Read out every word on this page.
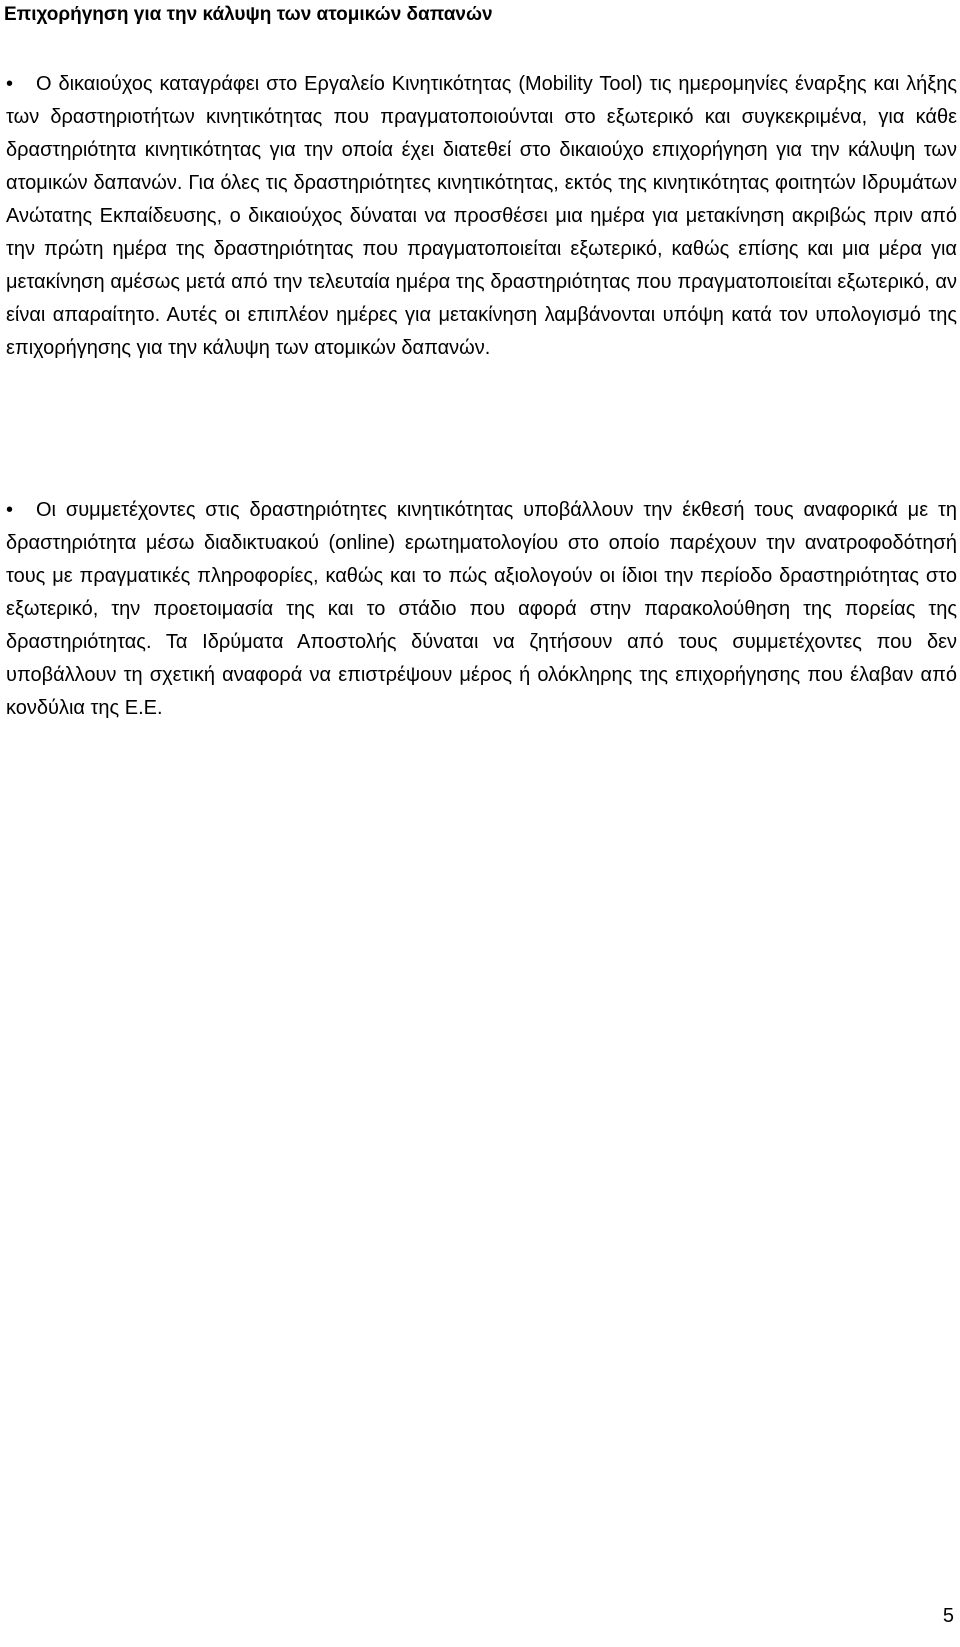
Επιχορήγηση για την κάλυψη των ατομικών δαπανών
• Ο δικαιούχος καταγράφει στο Εργαλείο Κινητικότητας (Mobility Tool) τις ημερομηνίες έναρξης και λήξης των δραστηριοτήτων κινητικότητας που πραγματοποιούνται στο εξωτερικό και συγκεκριμένα, για κάθε δραστηριότητα κινητικότητας για την οποία έχει διατεθεί στο δικαιούχο επιχορήγηση για την κάλυψη των ατομικών δαπανών. Για όλες τις δραστηριότητες κινητικότητας, εκτός της κινητικότητας φοιτητών Ιδρυμάτων Ανώτατης Εκπαίδευσης, ο δικαιούχος δύναται να προσθέσει μια ημέρα για μετακίνηση ακριβώς πριν από την πρώτη ημέρα της δραστηριότητας που πραγματοποιείται εξωτερικό, καθώς επίσης και μια μέρα για μετακίνηση αμέσως μετά από την τελευταία ημέρα της δραστηριότητας που πραγματοποιείται εξωτερικό, αν είναι απαραίτητο. Αυτές οι επιπλέον ημέρες για μετακίνηση λαμβάνονται υπόψη κατά τον υπολογισμό της επιχορήγησης για την κάλυψη των ατομικών δαπανών.
• Οι συμμετέχοντες στις δραστηριότητες κινητικότητας υποβάλλουν την έκθεσή τους αναφορικά με τη δραστηριότητα μέσω διαδικτυακού (online) ερωτηματολογίου στο οποίο παρέχουν την ανατροφοδότησή τους με πραγματικές πληροφορίες, καθώς και το πώς αξιολογούν οι ίδιοι την περίοδο δραστηριότητας στο εξωτερικό, την προετοιμασία της και το στάδιο που αφορά στην παρακολούθηση της πορείας της δραστηριότητας. Τα Ιδρύματα Αποστολής δύναται να ζητήσουν από τους συμμετέχοντες που δεν υποβάλλουν τη σχετική αναφορά να επιστρέψουν μέρος ή ολόκληρης της επιχορήγησης που έλαβαν από κονδύλια της Ε.Ε.
5
